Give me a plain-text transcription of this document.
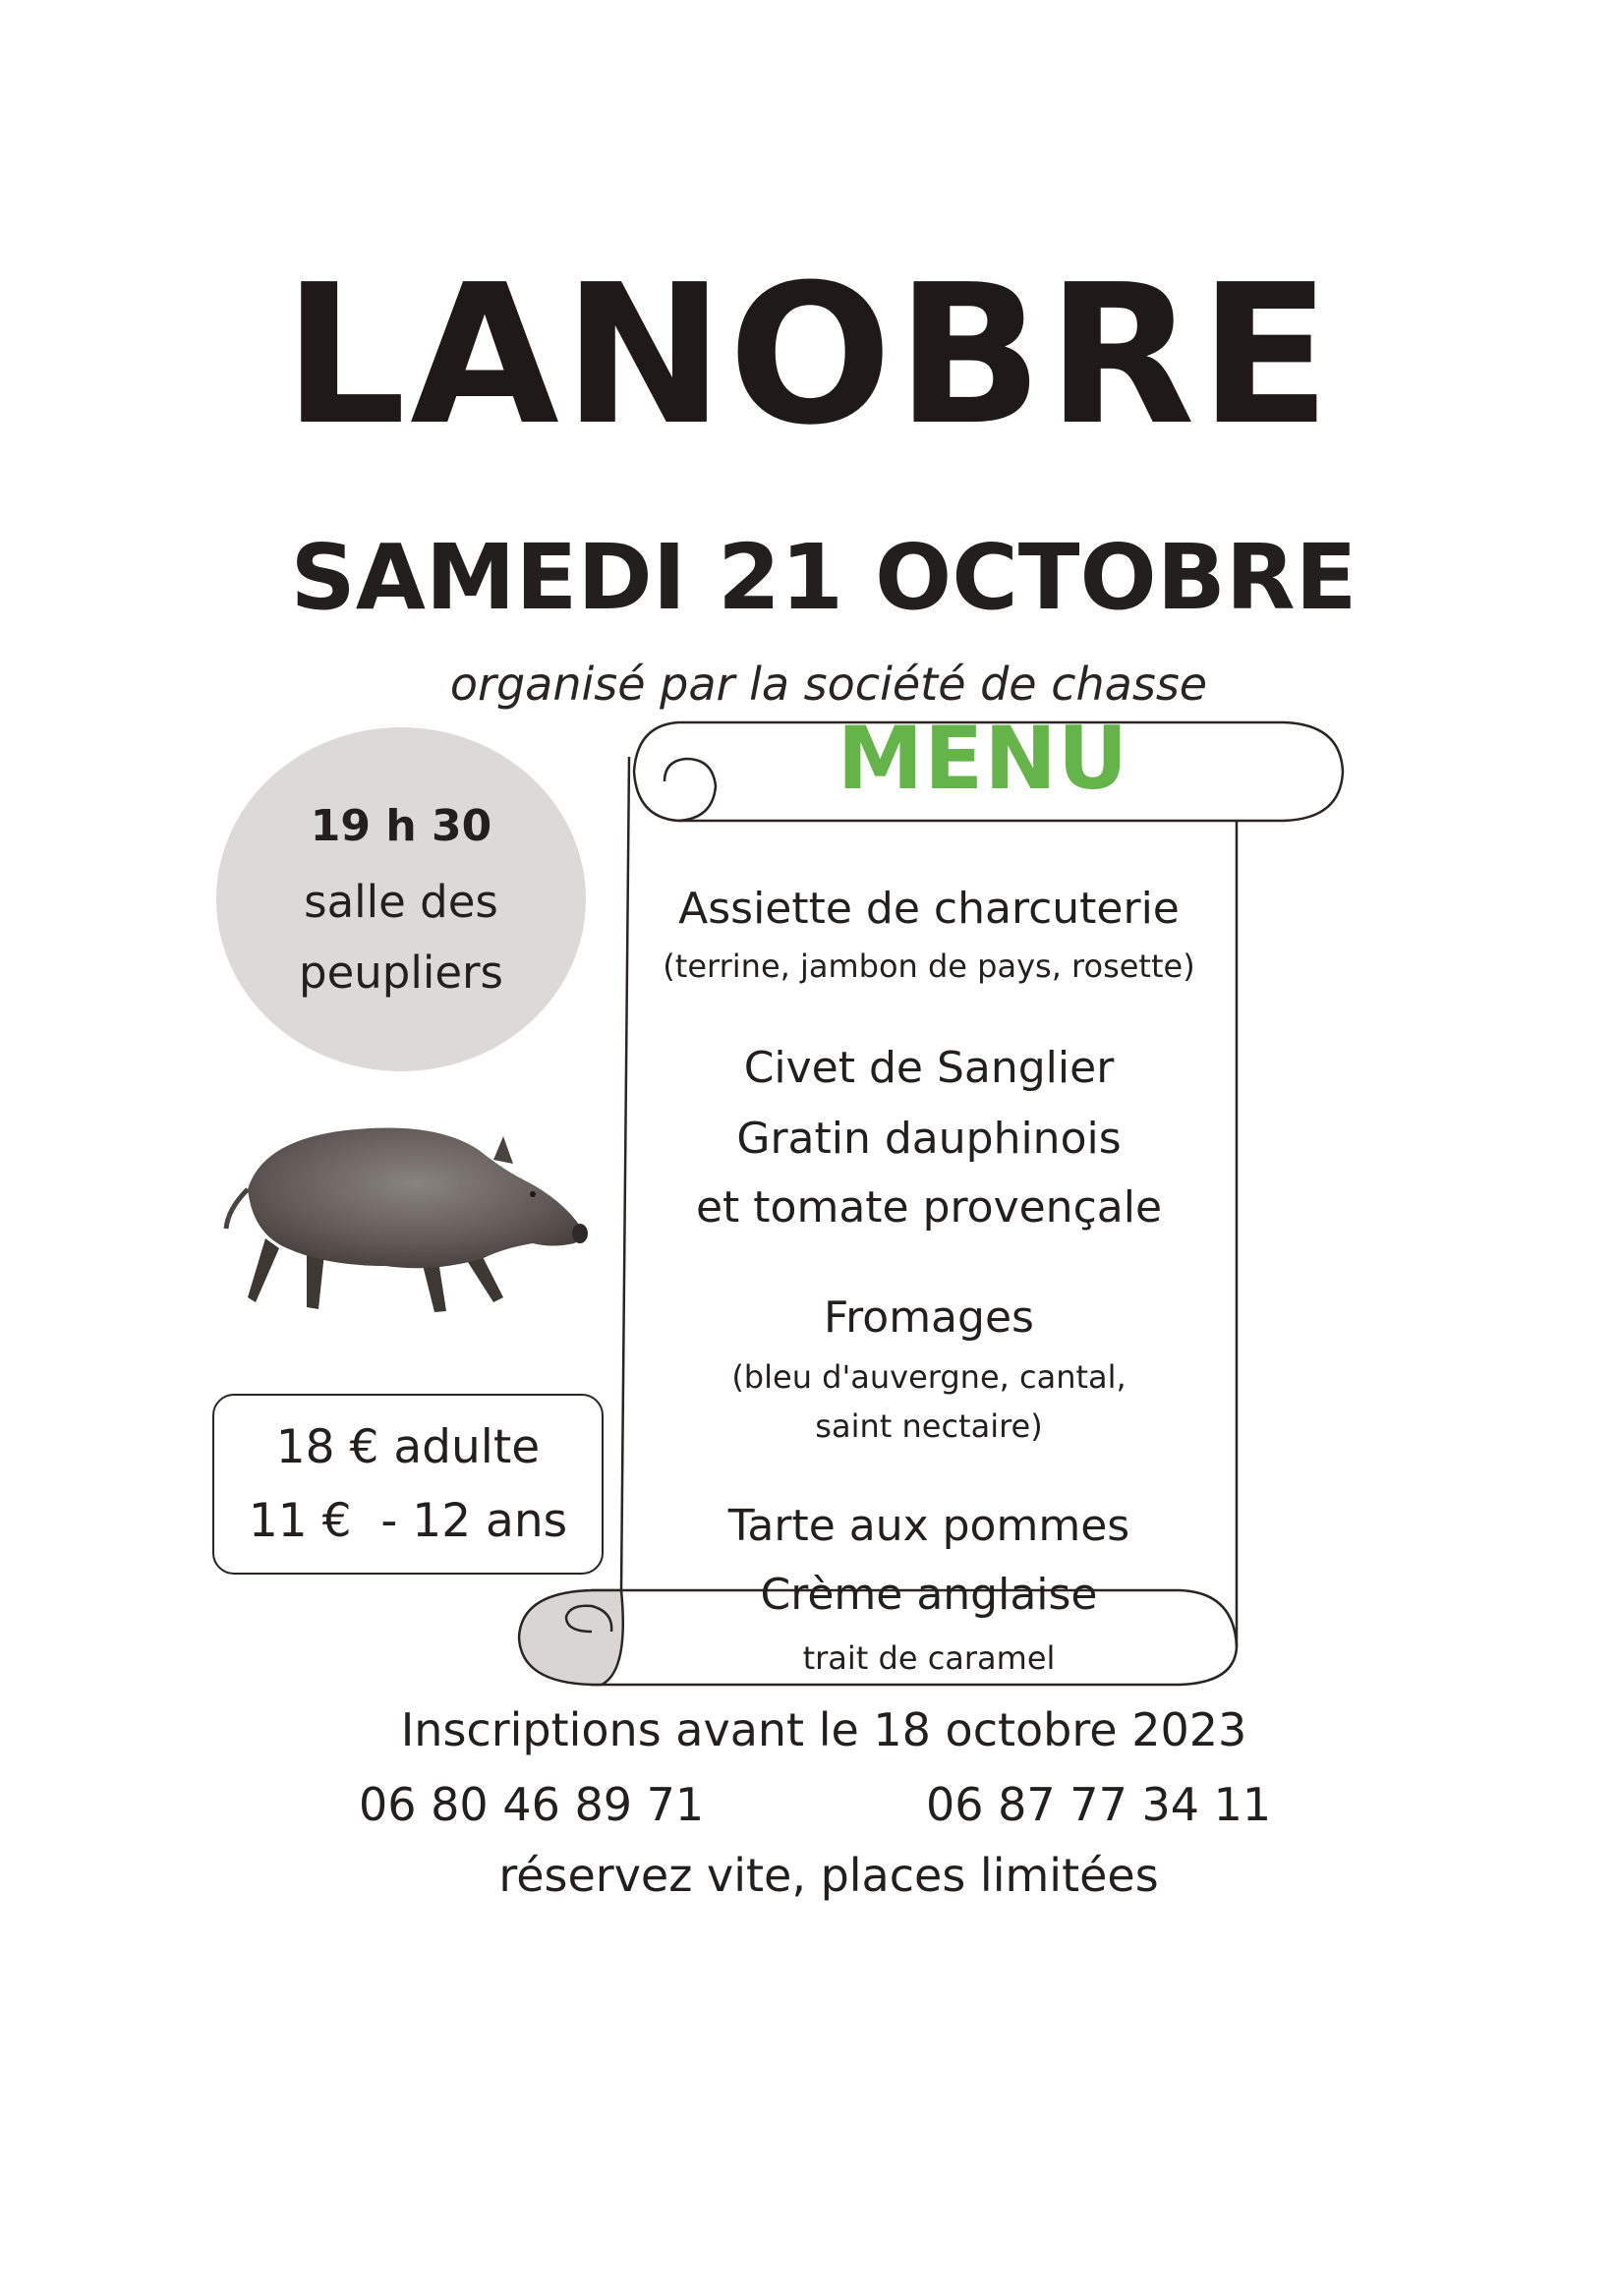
LANOBRE
SAMEDI 21 OCTOBRE
organisé par la société de chasse
19 h 30
salle des
peupliers
18 € adulte
11 €  - 12 ans
MENU
Assiette de charcuterie
(terrine, jambon de pays, rosette)
Civet de Sanglier
Gratin dauphinois
et tomate provençale
Fromages
(bleu d'auvergne, cantal,
saint nectaire)
Tarte aux pommes
Crème anglaise
trait de caramel
Inscriptions avant le 18 octobre 2023
06 80 46 89 71	06 87 77 34 11
réservez vite, places limitées
